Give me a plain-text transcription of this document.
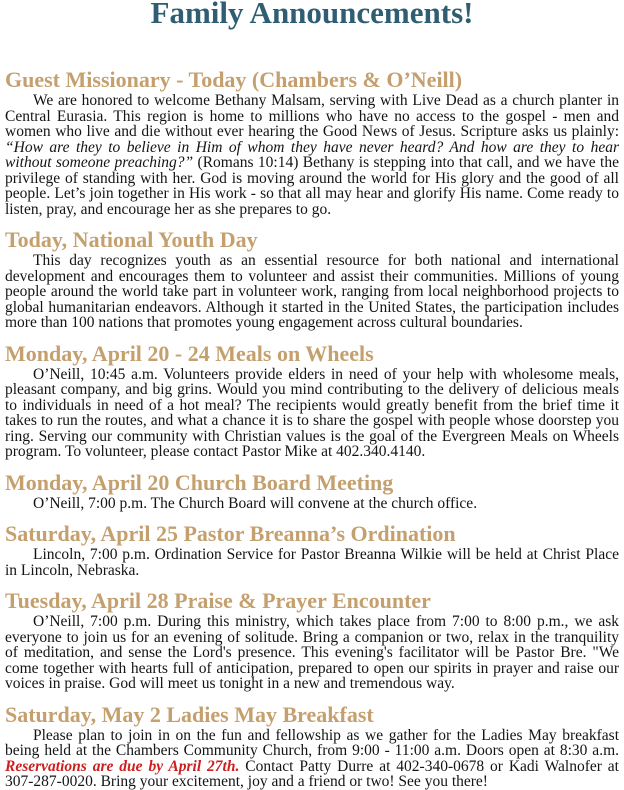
Family Announcements!
Guest Missionary - Today (Chambers & O’Neill)

We are honored to welcome Bethany Malsam, serving with Live Dead as a church planter in Central Eurasia. This region is home to millions who have no access to the gospel - men and women who live and die without ever hearing the Good News of Jesus. Scripture asks us plainly: “How are they to believe in Him of whom they have never heard? And how are they to hear without someone preaching?” (Romans 10:14) Bethany is stepping into that call, and we have the privilege of standing with her. God is moving around the world for His glory and the good of all people. Let’s join together in His work - so that all may hear and glorify His name. Come ready to listen, pray, and encourage her as she prepares to go.

Today, National Youth Day

This day recognizes youth as an essential resource for both national and international development and encourages them to volunteer and assist their communities. Millions of young people around the world take part in volunteer work, ranging from local neighborhood projects to global humanitarian endeavors. Although it started in the United States, the participation includes more than 100 nations that promotes young engagement across cultural boundaries.

Monday, April 20 - 24 Meals on Wheels

O’Neill, 10:45 a.m. Volunteers provide elders in need of your help with wholesome meals, pleasant company, and big grins. Would you mind contributing to the delivery of delicious meals to individuals in need of a hot meal? The recipients would greatly benefit from the brief time it takes to run the routes, and what a chance it is to share the gospel with people whose doorstep you ring. Serving our community with Christian values is the goal of the Evergreen Meals on Wheels program. To volunteer, please contact Pastor Mike at 402.340.4140.

Monday, April 20 Church Board Meeting

O’Neill, 7:00 p.m. The Church Board will convene at the church office.

Saturday, April 25 Pastor Breanna’s Ordination

Lincoln, 7:00 p.m. Ordination Service for Pastor Breanna Wilkie will be held at Christ Place in Lincoln, Nebraska.

Tuesday, April 28 Praise & Prayer Encounter

O’Neill, 7:00 p.m. During this ministry, which takes place from 7:00 to 8:00 p.m., we ask everyone to join us for an evening of solitude. Bring a companion or two, relax in the tranquility of meditation, and sense the Lord's presence. This evening's facilitator will be Pastor Bre. "We come together with hearts full of anticipation, prepared to open our spirits in prayer and raise our voices in praise. God will meet us tonight in a new and tremendous way.

Saturday, May 2 Ladies May Breakfast

Please plan to join in on the fun and fellowship as we gather for the Ladies May breakfast being held at the Chambers Community Church, from 9:00 - 11:00 a.m. Doors open at 8:30 a.m. Reservations are due by April 27th. Contact Patty Durre at 402-340-0678 or Kadi Walnofer at 307-287-0020. Bring your excitement, joy and a friend or two! See you there!
